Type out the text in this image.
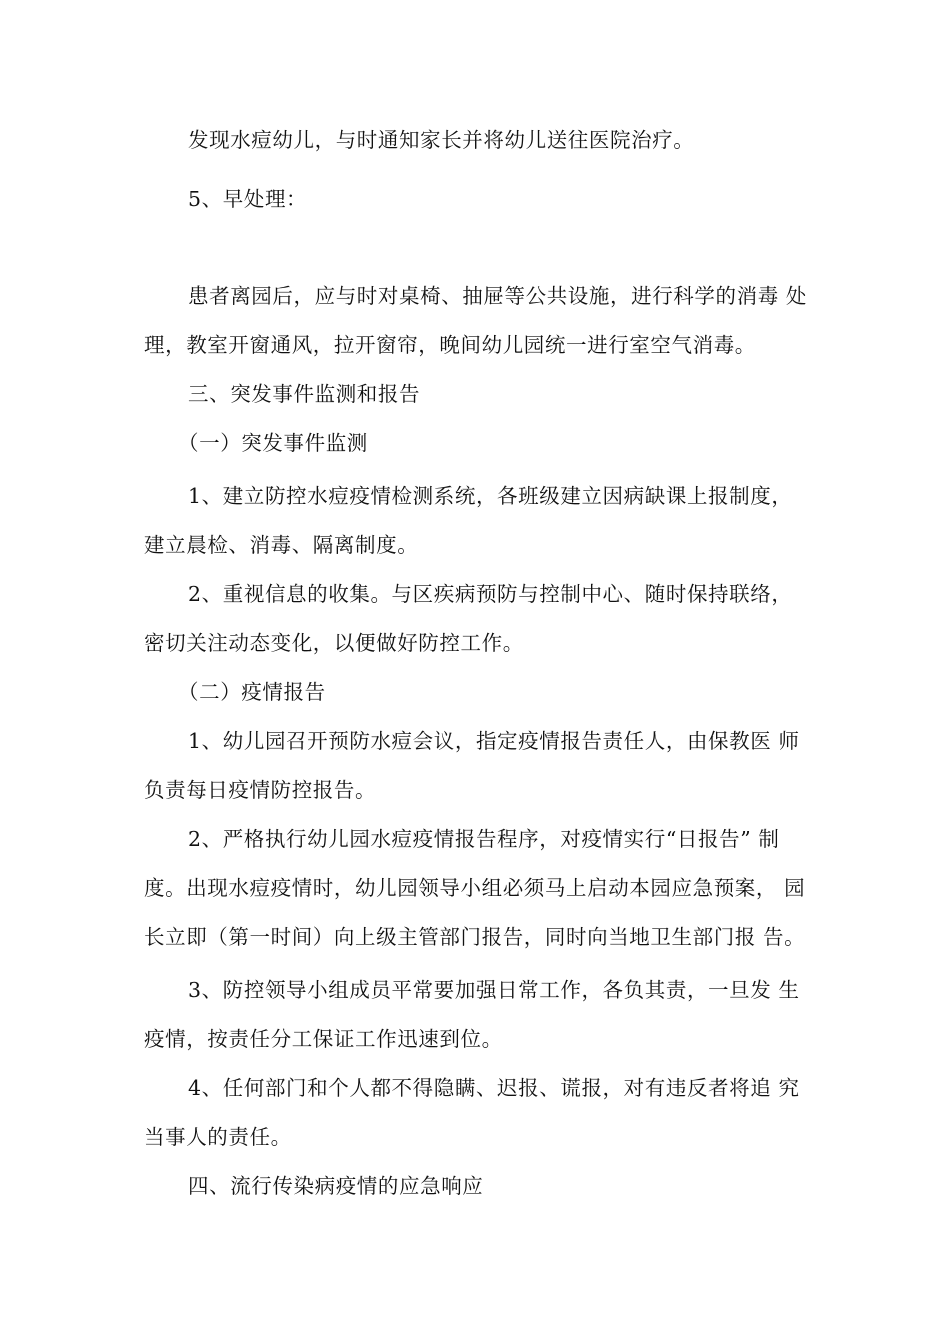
发现水痘幼儿，与时通知家长并将幼儿送往医院治疗。
5、早处理：
患者离园后，应与时对桌椅、抽屉等公共设施，进行科学的消毒 处
理，教室开窗通风，拉开窗帘，晚间幼儿园统一进行室空气消毒。
三、突发事件监测和报告
（一）突发事件监测
1、建立防控水痘疫情检测系统，各班级建立因病缺课上报制度，
建立晨检、消毒、隔离制度。
2、重视信息的收集。与区疾病预防与控制中心、随时保持联络，
密切关注动态变化，以便做好防控工作。
（二）疫情报告
1、幼儿园召开预防水痘会议，指定疫情报告责任人，由保教医 师
负责每日疫情防控报告。
2、严格执行幼儿园水痘疫情报告程序，对疫情实行“日报告” 制
度。出现水痘疫情时，幼儿园领导小组必须马上启动本园应急预案， 园
长立即（第一时间）向上级主管部门报告，同时向当地卫生部门报 告。
3、防控领导小组成员平常要加强日常工作，各负其责，一旦发 生
疫情，按责任分工保证工作迅速到位。
4、任何部门和个人都不得隐瞒、迟报、谎报，对有违反者将追 究
当事人的责任。
四、流行传染病疫情的应急响应
